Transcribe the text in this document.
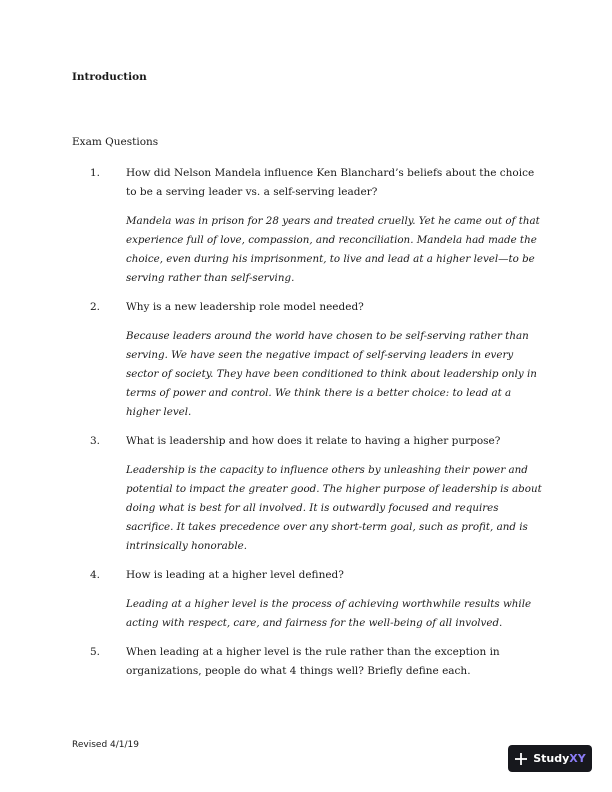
Introduction

Exam Questions

1. How did Nelson Mandela influence Ken Blanchard’s beliefs about the choice to be a serving leader vs. a self-serving leader?

Mandela was in prison for 28 years and treated cruelly. Yet he came out of that experience full of love, compassion, and reconciliation. Mandela had made the choice, even during his imprisonment, to live and lead at a higher level—to be serving rather than self-serving.

2. Why is a new leadership role model needed?

Because leaders around the world have chosen to be self-serving rather than serving. We have seen the negative impact of self-serving leaders in every sector of society. They have been conditioned to think about leadership only in terms of power and control. We think there is a better choice: to lead at a higher level.

3. What is leadership and how does it relate to having a higher purpose?

Leadership is the capacity to influence others by unleashing their power and potential to impact the greater good. The higher purpose of leadership is about doing what is best for all involved. It is outwardly focused and requires sacrifice. It takes precedence over any short-term goal, such as profit, and is intrinsically honorable.

4. How is leading at a higher level defined?

Leading at a higher level is the process of achieving worthwhile results while acting with respect, care, and fairness for the well-being of all involved.

5. When leading at a higher level is the rule rather than the exception in organizations, people do what 4 things well? Briefly define each.

Revised 4/1/19
Study XY
